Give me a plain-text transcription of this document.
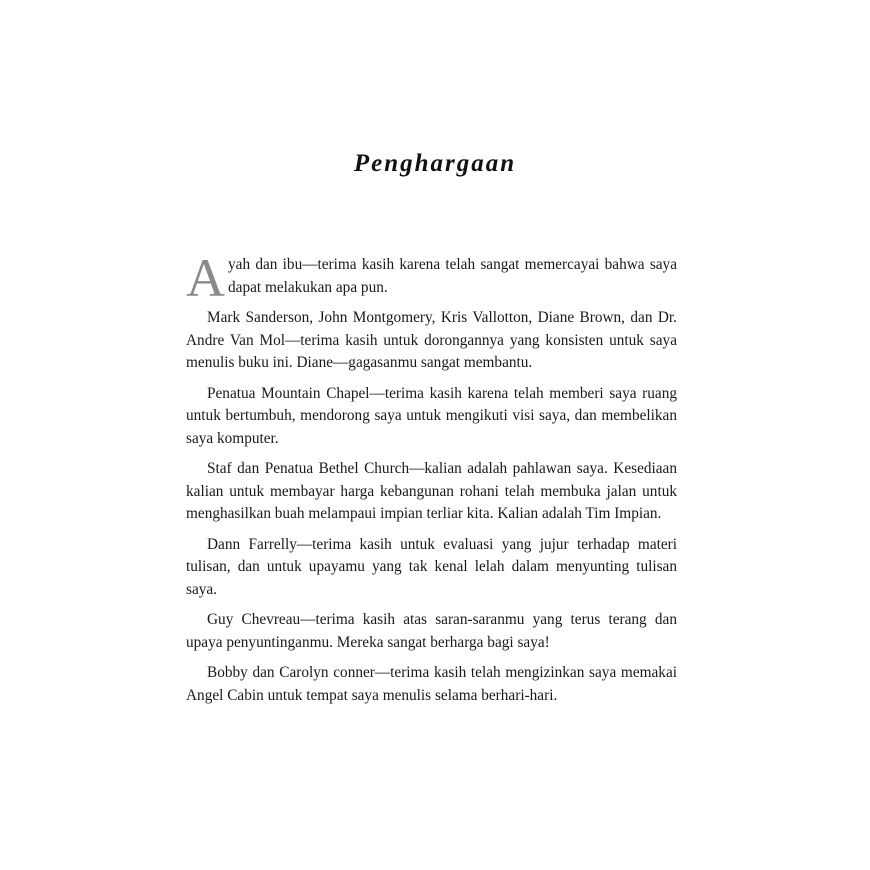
Penghargaan

Ayah dan ibu—terima kasih karena telah sangat memercayai bahwa saya dapat melakukan apa pun.

Mark Sanderson, John Montgomery, Kris Vallotton, Diane Brown, dan Dr. Andre Van Mol—terima kasih untuk dorongannya yang konsisten untuk saya menulis buku ini. Diane—gagasanmu sangat membantu.

Penatua Mountain Chapel—terima kasih karena telah memberi saya ruang untuk bertumbuh, mendorong saya untuk mengikuti visi saya, dan membelikan saya komputer.

Staf dan Penatua Bethel Church—kalian adalah pahlawan saya. Kesediaan kalian untuk membayar harga kebangunan rohani telah membuka jalan untuk menghasilkan buah melampaui impian terliar kita. Kalian adalah Tim Impian.

Dann Farrelly—terima kasih untuk evaluasi yang jujur terhadap materi tulisan, dan untuk upayamu yang tak kenal lelah dalam menyunting tulisan saya.

Guy Chevreau—terima kasih atas saran-saranmu yang terus terang dan upaya penyuntinganmu. Mereka sangat berharga bagi saya!

Bobby dan Carolyn conner—terima kasih telah mengizinkan saya memakai Angel Cabin untuk tempat saya menulis selama berhari-hari.
